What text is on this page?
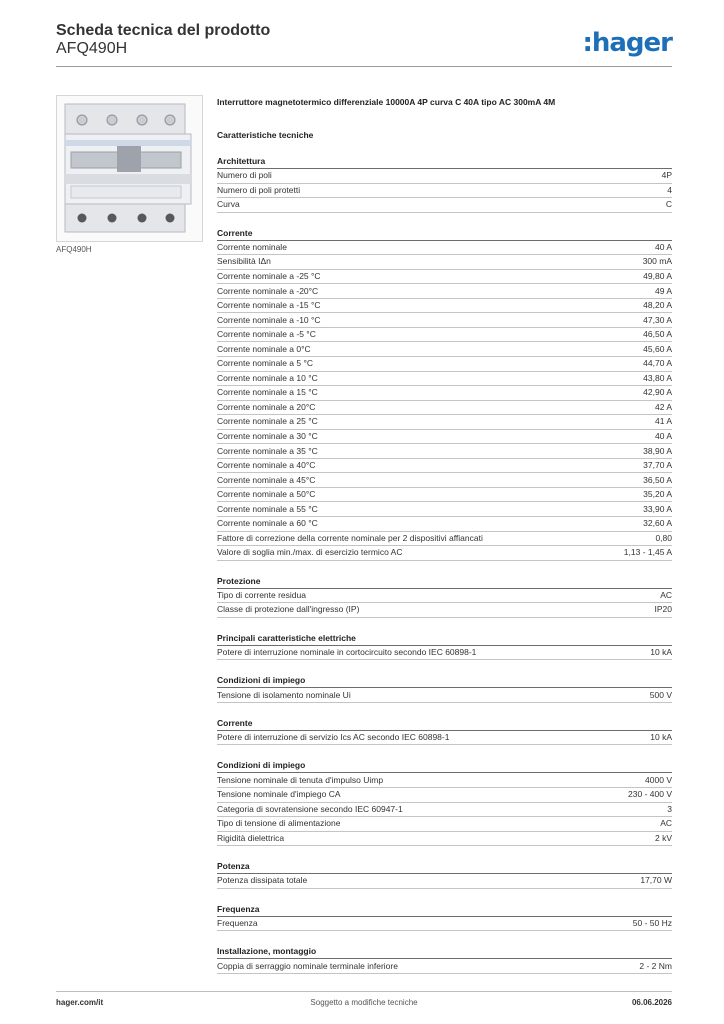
Scheda tecnica del prodotto
AFQ490H	:hager
AFQ490H
Interruttore magnetotermico differenziale 10000A 4P curva C 40A tipo AC 300mA 4M
Caratteristiche tecniche
Architettura
Numero di poli	4P
Numero di poli protetti	4
Curva	C
Corrente
Corrente nominale	40 A
Sensibilità IΔn	300 mA
Corrente nominale a -25 °C	49,80 A
Corrente nominale a -20°C	49 A
Corrente nominale a -15 °C	48,20 A
Corrente nominale a -10 °C	47,30 A
Corrente nominale a -5 °C	46,50 A
Corrente nominale a 0°C	45,60 A
Corrente nominale a 5 °C	44,70 A
Corrente nominale a 10 °C	43,80 A
Corrente nominale a 15 °C	42,90 A
Corrente nominale a 20°C	42 A
Corrente nominale a 25 °C	41 A
Corrente nominale a 30 °C	40 A
Corrente nominale a 35 °C	38,90 A
Corrente nominale a 40°C	37,70 A
Corrente nominale a 45°C	36,50 A
Corrente nominale a 50°C	35,20 A
Corrente nominale a 55 °C	33,90 A
Corrente nominale a 60 °C	32,60 A
Fattore di correzione della corrente nominale per 2 dispositivi affiancati	0,80
Valore di soglia min./max. di esercizio termico AC	1,13 - 1,45 A
Protezione
Tipo di corrente residua	AC
Classe di protezione dall'ingresso (IP)	IP20
Principali caratteristiche elettriche
Potere di interruzione nominale in cortocircuito secondo IEC 60898-1	10 kA
Condizioni di impiego
Tensione di isolamento nominale Ui	500 V
Corrente
Potere di interruzione di servizio Ics AC secondo IEC 60898-1	10 kA
Condizioni di impiego
Tensione nominale di tenuta d'impulso Uimp	4000 V
Tensione nominale d'impiego CA	230 - 400 V
Categoria di sovratensione secondo IEC 60947-1	3
Tipo di tensione di alimentazione	AC
Rigidità dielettrica	2 kV
Potenza
Potenza dissipata totale	17,70 W
Frequenza
Frequenza	50 - 50 Hz
Installazione, montaggio
Coppia di serraggio nominale terminale inferiore	2 - 2 Nm
hager.com/it	Soggetto a modifiche tecniche	06.06.2026
